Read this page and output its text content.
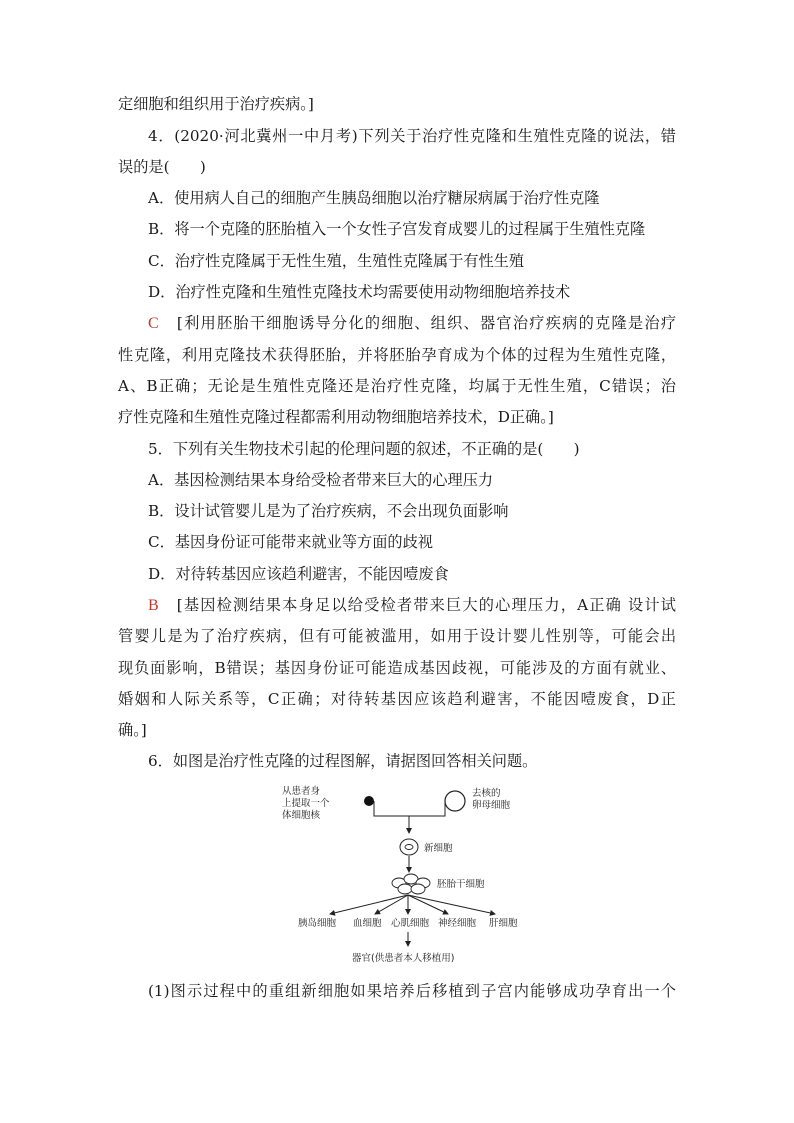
定细胞和组织用于治疗疾病。]
4．(2020·河北冀州一中月考)下列关于治疗性克隆和生殖性克隆的说法，错
误的是(　　)
A．使用病人自己的细胞产生胰岛细胞以治疗糖尿病属于治疗性克隆
B．将一个克隆的胚胎植入一个女性子宫发育成婴儿的过程属于生殖性克隆
C．治疗性克隆属于无性生殖，生殖性克隆属于有性生殖
D．治疗性克隆和生殖性克隆技术均需要使用动物细胞培养技术
C [利用胚胎干细胞诱导分化的细胞、组织、器官治疗疾病的克隆是治疗
性克隆，利用克隆技术获得胚胎，并将胚胎孕育成为个体的过程为生殖性克隆，
A、B正确；无论是生殖性克隆还是治疗性克隆，均属于无性生殖，C错误；治
疗性克隆和生殖性克隆过程都需利用动物细胞培养技术，D正确。]
5．下列有关生物技术引起的伦理问题的叙述，不正确的是(　　)
A．基因检测结果本身给受检者带来巨大的心理压力
B．设计试管婴儿是为了治疗疾病，不会出现负面影响
C．基因身份证可能带来就业等方面的歧视
D．对待转基因应该趋利避害，不能因噎废食
B [基因检测结果本身足以给受检者带来巨大的心理压力，A正确 设计试
管婴儿是为了治疗疾病，但有可能被滥用，如用于设计婴儿性别等，可能会出
现负面影响，B错误；基因身份证可能造成基因歧视，可能涉及的方面有就业、
婚姻和人际关系等，C正确；对待转基因应该趋利避害，不能因噎废食，D正
确。]
6．如图是治疗性克隆的过程图解，请据图回答相关问题。
从患者身
上提取一个
体细胞核
去核的
卵母细胞
新细胞
胚胎干细胞
胰岛细胞 血细胞 心肌细胞 神经细胞 肝细胞
器官(供患者本人移植用)
(1)图示过程中的重组新细胞如果培养后移植到子宫内能够成功孕育出一个
